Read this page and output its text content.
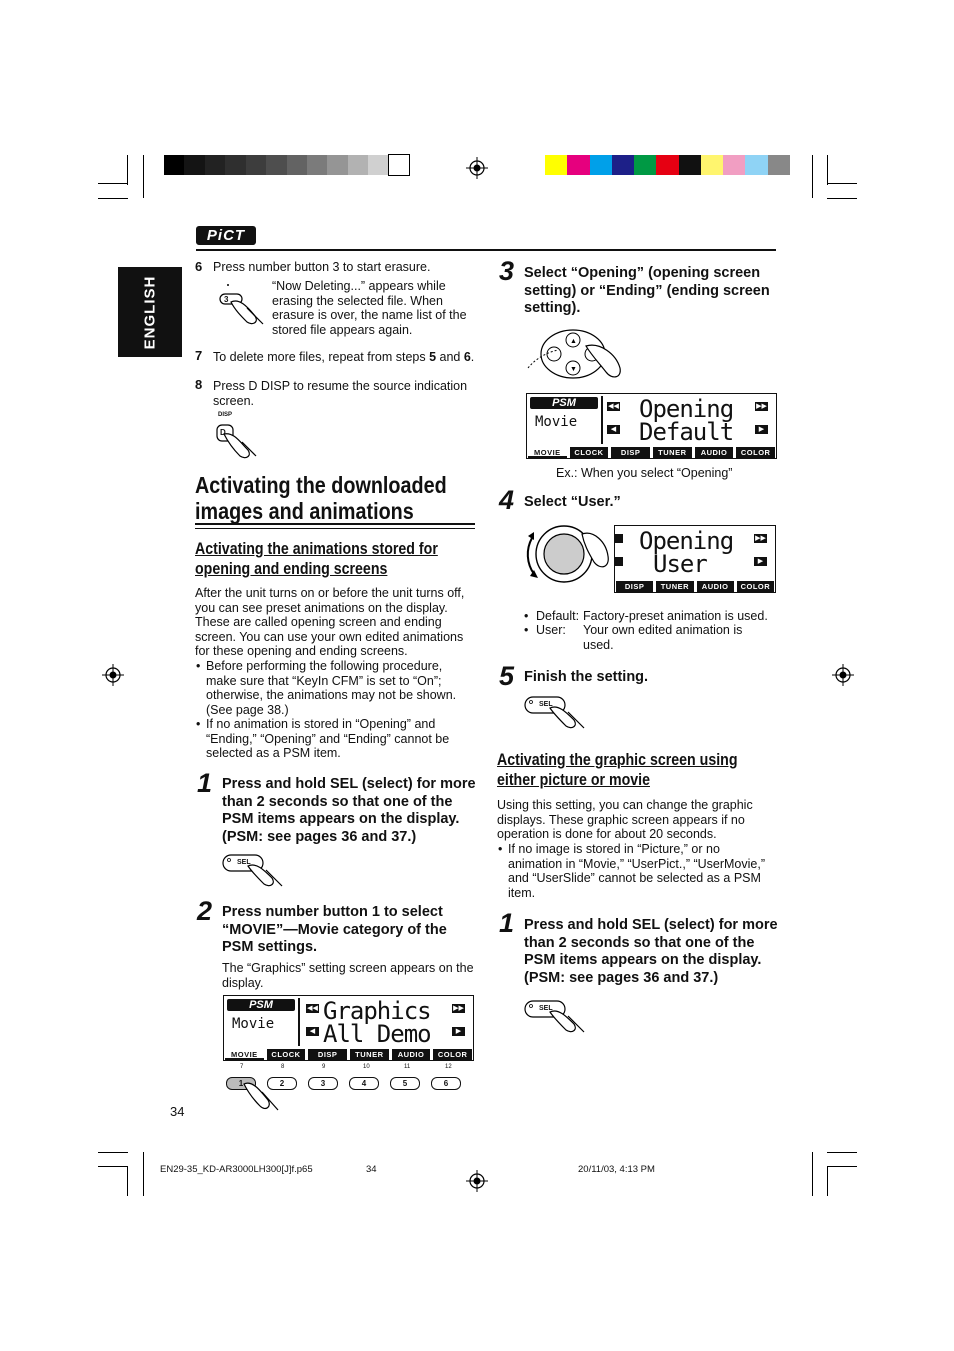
PiCT
ENGLISH
6 Press number button 3 to start erasure.
3
“Now Deleting...” appears while erasing the selected file. When erasure is over, the name list of the stored file appears again.
7 To delete more files, repeat from steps 5 and 6.
8 Press D DISP to resume the source indication screen.
DISP
D
Activating the downloaded
images and animations
Activating the animations stored for
opening and ending screens
After the unit turns on or before the unit turns off, you can see preset animations on the display. These are called opening screen and ending screen. You can use your own edited animations for these opening and ending screens.
• Before performing the following procedure, make sure that “KeyIn CFM” is set to “On”; otherwise, the animations may not be shown. (See page 38.)
• If no animation is stored in “Opening” and “Ending,” “Opening” and “Ending” cannot be selected as a PSM item.
1 Press and hold SEL (select) for more than 2 seconds so that one of the PSM items appears on the display. (PSM: see pages 36 and 37.)
SEL
2 Press number button 1 to select “MOVIE”—Movie category of the PSM settings.
The “Graphics” setting screen appears on the display.
PSM
Movie
◀◀ Graphics	▶▶
◀ All Demo	▶
MOVIE	CLOCK	DISP	TUNER	AUDIO	COLOR
7
1
8
2
9
3
10
4
11
5
12
6
34
3 Select “Opening” (opening screen setting) or “Ending” (ending screen setting).
▲
▼
PSM
Movie
◀◀ Opening	▶▶
◀ Default	▶
MOVIE	CLOCK	DISP	TUNER	AUDIO	COLOR
Ex.: When you select “Opening”
4 Select “User.”
Opening	▶▶
User	▶
DISP	TUNER	AUDIO	COLOR
• Default: Factory-preset animation is used.
• User: Your own edited animation is used.
5 Finish the setting.
SEL
Activating the graphic screen using
either picture or movie
Using this setting, you can change the graphic displays. These graphic screen appears if no operation is done for about 20 seconds.
• If no image is stored in “Picture,” or no animation in “Movie,” “UserPict.,” “UserMovie,” and “UserSlide” cannot be selected as a PSM item.
1 Press and hold SEL (select) for more than 2 seconds so that one of the PSM items appears on the display. (PSM: see pages 36 and 37.)
SEL
EN29-35_KD-AR3000LH300[J]f.p65	34	20/11/03, 4:13 PM
